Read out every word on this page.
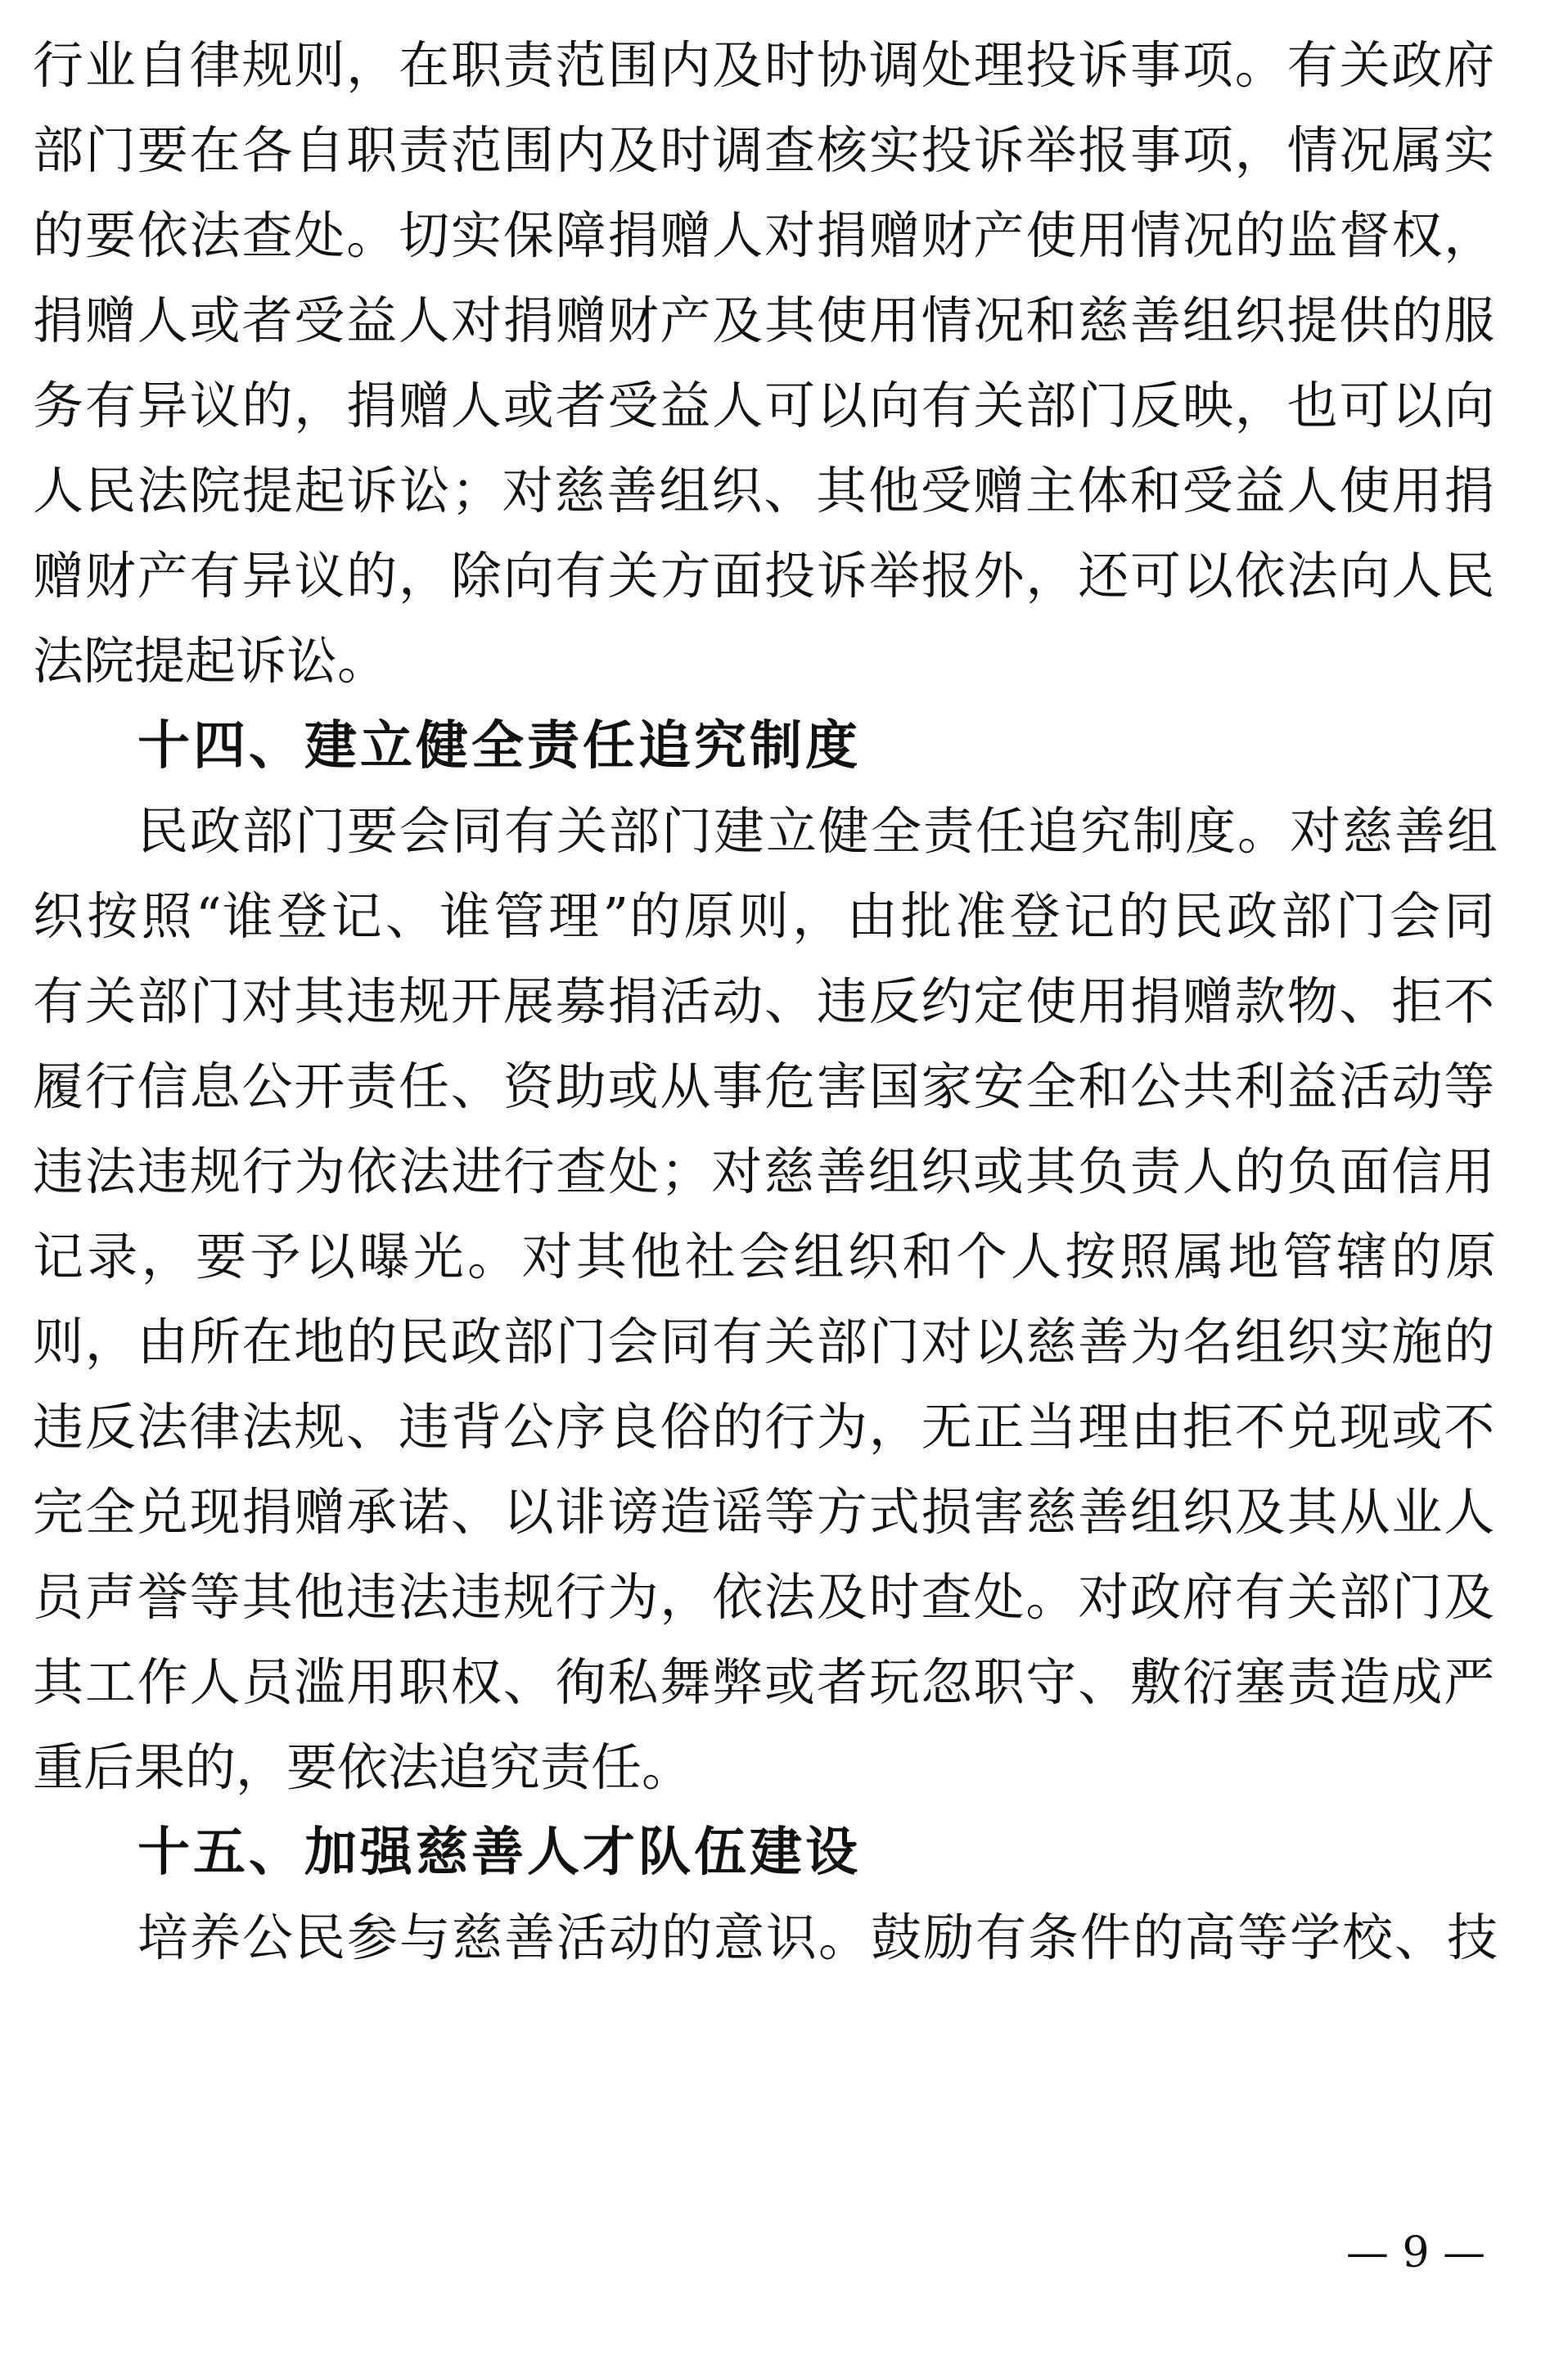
行 业 自 律 规 则 ， 在 职 责 范 围 内 及 时 协 调 处 理 投 诉 事 项 。 有 关 政 府
部 门 要 在 各 自 职 责 范 围 内 及 时 调 查 核 实 投 诉 举 报 事 项 ， 情 况 属 实
的 要 依 法 查 处 。 切 实 保 障 捐 赠 人 对 捐 赠 财 产 使 用 情 况 的 监 督 权 ，
捐 赠 人 或 者 受 益 人 对 捐 赠 财 产 及 其 使 用 情 况 和 慈 善 组 织 提 供 的 服
务 有 异 议 的 ， 捐 赠 人 或 者 受 益 人 可 以 向 有 关 部 门 反 映 ， 也 可 以 向
人 民 法 院 提 起 诉 讼 ； 对 慈 善 组 织 、 其 他 受 赠 主 体 和 受 益 人 使 用 捐
赠 财 产 有 异 议 的 ， 除 向 有 关 方 面 投 诉 举 报 外 ， 还 可 以 依 法 向 人 民
法院提起诉讼。
十四、建立健全责任追究制度
民 政 部 门 要 会 同 有 关 部 门 建 立 健 全 责 任 追 究 制 度 。 对 慈 善 组
织 按 照 “ 谁 登 记 、 谁 管 理 ” 的 原 则 ， 由 批 准 登 记 的 民 政 部 门 会 同
有 关 部 门 对 其 违 规 开 展 募 捐 活 动 、 违 反 约 定 使 用 捐 赠 款 物 、 拒 不
履 行 信 息 公 开 责 任 、 资 助 或 从 事 危 害 国 家 安 全 和 公 共 利 益 活 动 等
违 法 违 规 行 为 依 法 进 行 查 处 ； 对 慈 善 组 织 或 其 负 责 人 的 负 面 信 用
记 录 ， 要 予 以 曝 光 。 对 其 他 社 会 组 织 和 个 人 按 照 属 地 管 辖 的 原
则 ， 由 所 在 地 的 民 政 部 门 会 同 有 关 部 门 对 以 慈 善 为 名 组 织 实 施 的
违 反 法 律 法 规 、 违 背 公 序 良 俗 的 行 为 ， 无 正 当 理 由 拒 不 兑 现 或 不
完 全 兑 现 捐 赠 承 诺 、 以 诽 谤 造 谣 等 方 式 损 害 慈 善 组 织 及 其 从 业 人
员 声 誉 等 其 他 违 法 违 规 行 为 ， 依 法 及 时 查 处 。 对 政 府 有 关 部 门 及
其 工 作 人 员 滥 用 职 权 、 徇 私 舞 弊 或 者 玩 忽 职 守 、 敷 衍 塞 责 造 成 严
重后果的，要依法追究责任。
十五、加强慈善人才队伍建设
培 养 公 民 参 与 慈 善 活 动 的 意 识 。 鼓 励 有 条 件 的 高 等 学 校 、 技
— 9 —
